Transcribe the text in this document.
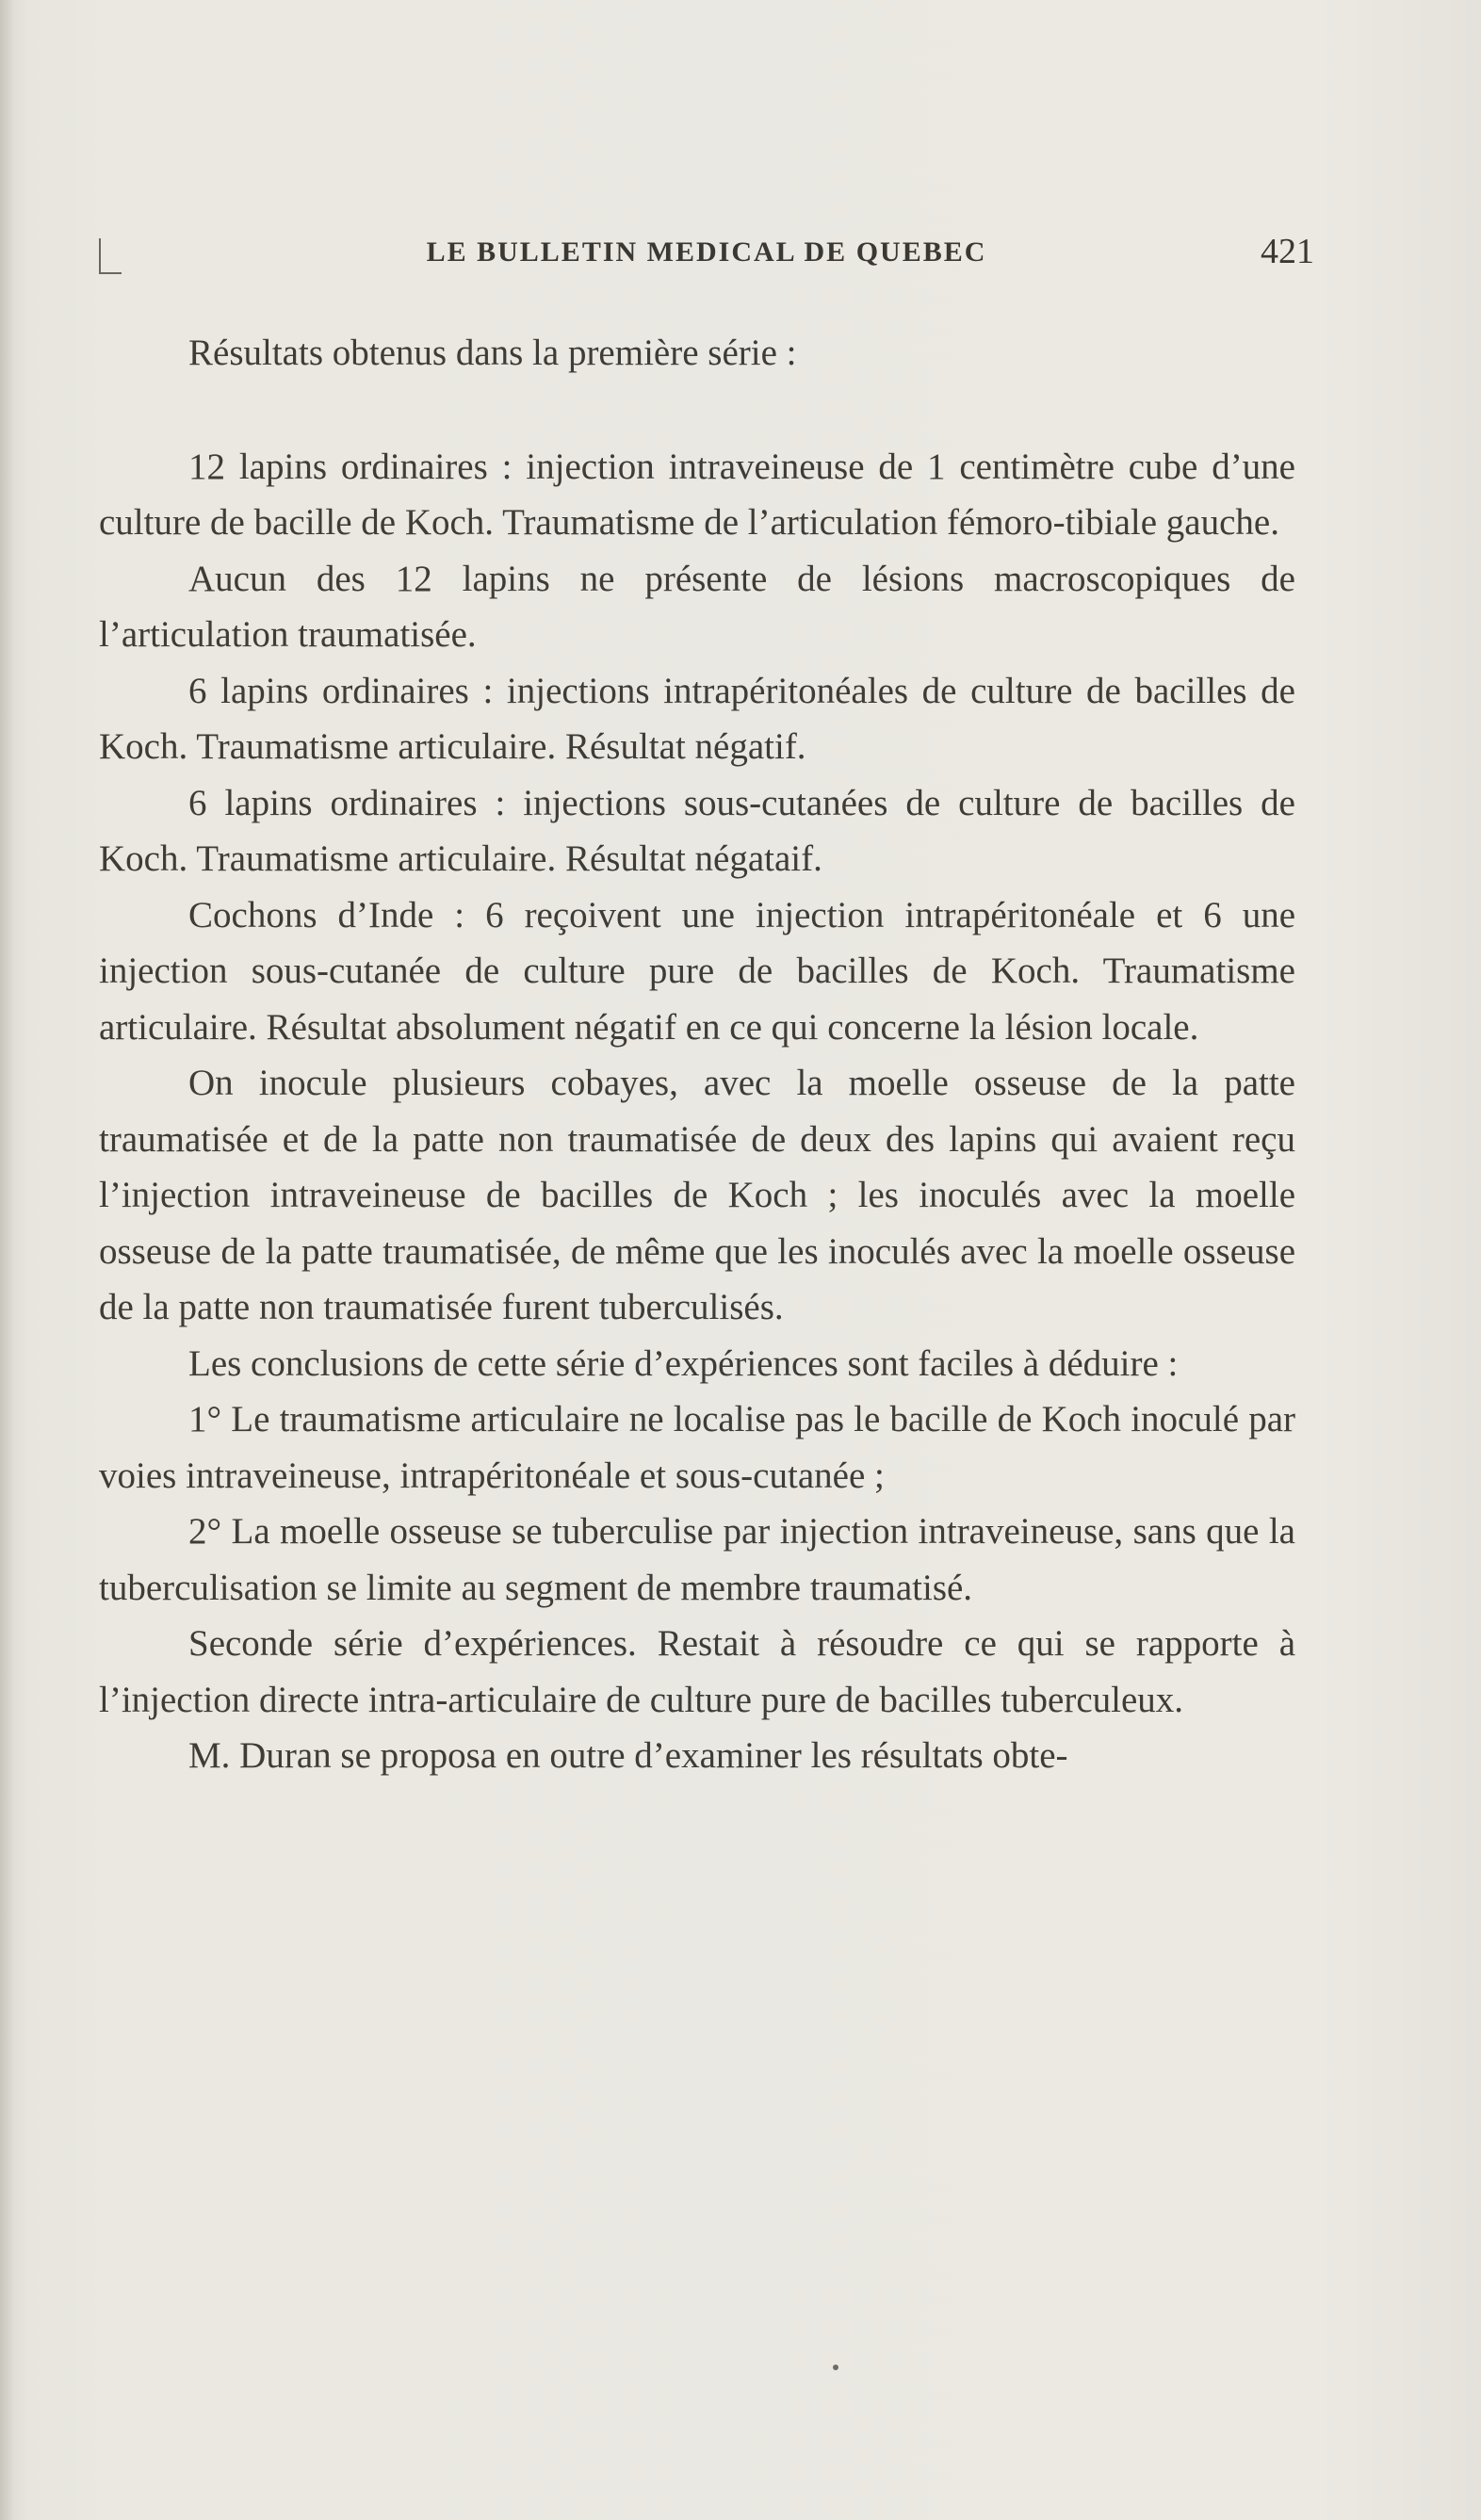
LE BULLETIN MEDICAL DE QUEBEC	421

Résultats obtenus dans la première série :

12 lapins ordinaires : injection intraveineuse de 1 centimètre cube d’une culture de bacille de Koch. Traumatisme de l’articulation fémoro-tibiale gauche.

Aucun des 12 lapins ne présente de lésions macroscopiques de l’articulation traumatisée.

6 lapins ordinaires : injections intrapéritonéales de culture de bacilles de Koch. Traumatisme articulaire. Résultat négatif.

6 lapins ordinaires : injections sous-cutanées de culture de bacilles de Koch. Traumatisme articulaire. Résultat négataif.

Cochons d’Inde : 6 reçoivent une injection intrapéritonéale et 6 une injection sous-cutanée de culture pure de bacilles de Koch. Traumatisme articulaire. Résultat absolument négatif en ce qui concerne la lésion locale.

On inocule plusieurs cobayes, avec la moelle osseuse de la patte traumatisée et de la patte non traumatisée de deux des lapins qui avaient reçu l’injection intraveineuse de bacilles de Koch ; les inoculés avec la moelle osseuse de la patte traumatisée, de même que les inoculés avec la moelle osseuse de la patte non traumatisée furent tuberculisés.

Les conclusions de cette série d’expériences sont faciles à déduire :

1° Le traumatisme articulaire ne localise pas le bacille de Koch inoculé par voies intraveineuse, intrapéritonéale et sous-cutanée ;

2° La moelle osseuse se tuberculise par injection intraveineuse, sans que la tuberculisation se limite au segment de membre traumatisé.

Seconde série d’expériences. Restait à résoudre ce qui se rapporte à l’injection directe intra-articulaire de culture pure de bacilles tuberculeux.

M. Duran se proposa en outre d’examiner les résultats obte-
